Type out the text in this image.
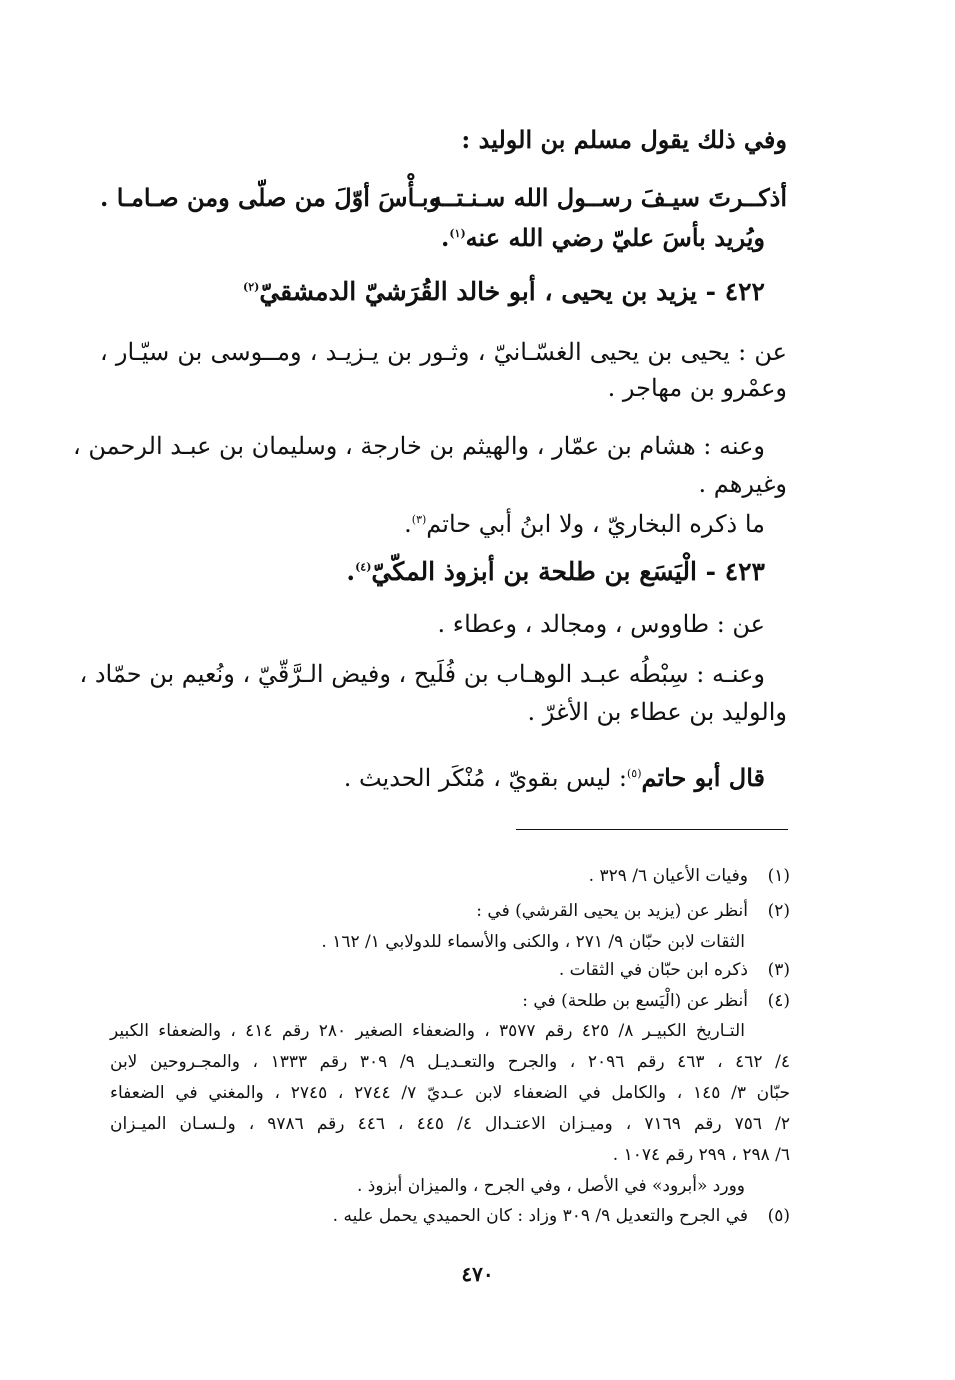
وفي ذلك يقول مسلم بن الوليد :

أذكــرتَ سيـفَ رســول الله سـنـتــه
وبـأْسَ أوّلَ من صلّى ومن صـامـا .

ويُريد بأسَ عليّ رضي الله عنه$^{(١)}$.

٤٢٢ - يزيد بن يحيى ، أبو خالد القُرَشيّ الدمشقيّ$^{(٢)}$

عن : يحيى بن يحيى الغسّـانيّ ، وثـور بن يـزيـد ، ومــوسى بن سيّـار ،

وعمْرو بن مهاجر .

وعنه : هشام بن عمّار ، والهيثم بن خارجة ، وسليمان بن عبـد الرحمن ،

وغيرهم .

ما ذكره البخاريّ ، ولا ابنُ أبي حاتم$^{(٣)}$.

٤٢٣ - الْيَسَع بن طلحة بن أبزوذ المكّيّ$^{(٤)}$.

عن : طاووس ، ومجالد ، وعطاء .

وعنـه : سِبْطُه عبـد الوهـاب بن فُلَيح ، وفيض الـرَّقّيّ ، ونُعيم بن حمّاد ،

والوليد بن عطاء بن الأغرّ .

قال أبو حاتم$^{(٥)}$: ليس بقويّ ، مُنْكَر الحديث .

(١)وفيات الأعيان ٦/ ٣٢٩ .

(٢)أنظر عن (يزيد بن يحيى القرشي) في :

الثقات لابن حبّان ٩/ ٢٧١ ، والكنى والأسماء للدولابي ١/ ١٦٢ .

(٣)ذكره ابن حبّان في الثقات .

(٤)أنظر عن (الْيَسع بن طلحة) في :

التـاريخ الكبيـر ٨/ ٤٢٥ رقم ٣٥٧٧ ، والضعفاء الصغير ٢٨٠ رقم ٤١٤ ، والضعفاء الكبير

٤/ ٤٦٢ ، ٤٦٣ رقم ٢٠٩٦ ، والجرح والتعـديـل ٩/ ٣٠٩ رقم ١٣٣٣ ، والمجـروحين لابن

حبّان ٣/ ١٤٥ ، والكامل في الضعفاء لابن عـديّ ٧/ ٢٧٤٤ ، ٢٧٤٥ ، والمغني في الضعفاء

٢/ ٧٥٦ رقم ٧١٦٩ ، وميـزان الاعتـدال ٤/ ٤٤٥ ، ٤٤٦ رقم ٩٧٨٦ ، ولـسـان الميـزان

٦/ ٢٩٨ ، ٢٩٩ رقم ١٠٧٤ .

وورد «أبرود» في الأصل ، وفي الجرح ، والميزان أبزوذ .

(٥)في الجرح والتعديل ٩/ ٣٠٩ وزاد : كان الحميدي يحمل عليه .

٤٧٠
